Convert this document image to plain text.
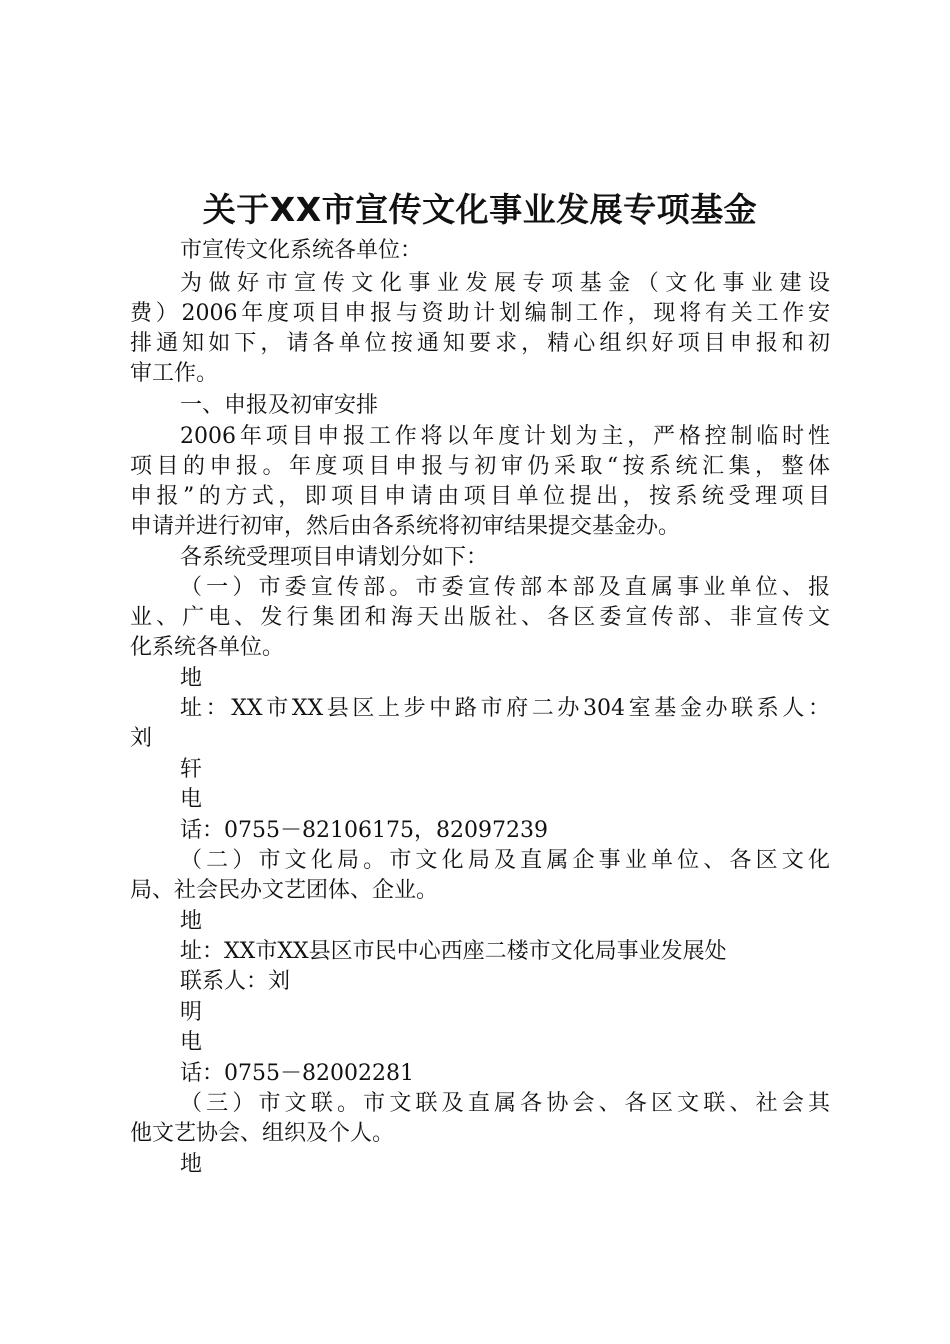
关于XX市宣传文化事业发展专项基金
市宣传文化系统各单位：
为做好市宣传文化事业发展专项基金（文化事业建设
费）2006年度项目申报与资助计划编制工作，现将有关工作安
排通知如下，请各单位按通知要求，精心组织好项目申报和初
审工作。
一、申报及初审安排
2006年项目申报工作将以年度计划为主，严格控制临时性
项目的申报。年度项目申报与初审仍采取“按系统汇集，整体
申报”的方式，即项目申请由项目单位提出，按系统受理项目
申请并进行初审，然后由各系统将初审结果提交基金办。
各系统受理项目申请划分如下：
（一）市委宣传部。市委宣传部本部及直属事业单位、报
业、广电、发行集团和海天出版社、各区委宣传部、非宣传文
化系统各单位。
地
址：XX市XX县区上步中路市府二办304室基金办联系人：
刘
轩
电
话：0755－82106175，82097239
（二）市文化局。市文化局及直属企事业单位、各区文化
局、社会民办文艺团体、企业。
地
址：XX市XX县区市民中心西座二楼市文化局事业发展处
联系人：刘
明
电
话：0755－82002281
（三）市文联。市文联及直属各协会、各区文联、社会其
他文艺协会、组织及个人。
地
